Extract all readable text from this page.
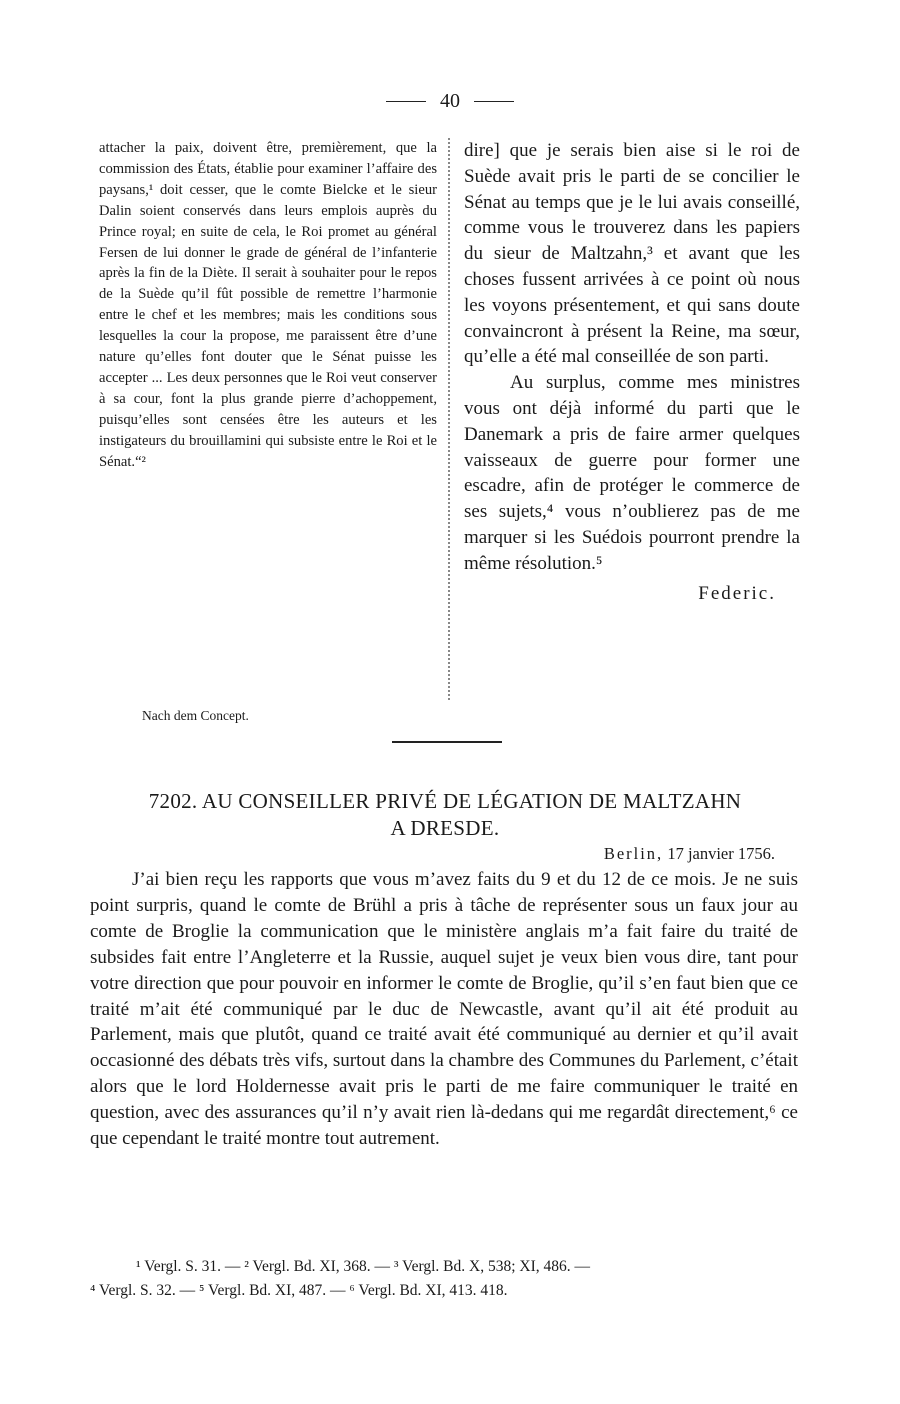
40

attacher la paix, doivent être, premièrement, que la commission des États, établie pour examiner l’affaire des paysans,¹ doit cesser, que le comte Bielcke et le sieur Dalin soient conservés dans leurs emplois auprès du Prince royal; en suite de cela, le Roi promet au général Fersen de lui donner le grade de général de l’infanterie après la fin de la Diète. Il serait à souhaiter pour le repos de la Suède qu’il fût possible de remettre l’harmonie entre le chef et les membres; mais les conditions sous lesquelles la cour la propose, me paraissent être d’une nature qu’elles font douter que le Sénat puisse les accepter ... Les deux personnes que le Roi veut conserver à sa cour, font la plus grande pierre d’achoppement, puisqu’elles sont censées être les auteurs et les instigateurs du brouillamini qui subsiste entre le Roi et le Sénat.“²

dire] que je serais bien aise si le roi de Suède avait pris le parti de se concilier le Sénat au temps que je le lui avais conseillé, comme vous le trouverez dans les papiers du sieur de Maltzahn,³ et avant que les choses fussent arrivées à ce point où nous les voyons présentement, et qui sans doute convaincront à présent la Reine, ma sœur, qu’elle a été mal conseillée de son parti.

Au surplus, comme mes ministres vous ont déjà informé du parti que le Danemark a pris de faire armer quelques vaisseaux de guerre pour former une escadre, afin de protéger le commerce de ses sujets,⁴ vous n’oublierez pas de me marquer si les Suédois pourront prendre la même résolution.⁵

Federic.
Nach dem Concept.
7202. AU CONSEILLER PRIVÉ DE LÉGATION DE MALTZAHN
A DRESDE.
Berlin, 17 janvier 1756.

J’ai bien reçu les rapports que vous m’avez faits du 9 et du 12 de ce mois. Je ne suis point surpris, quand le comte de Brühl a pris à tâche de représenter sous un faux jour au comte de Broglie la communication que le ministère anglais m’a fait faire du traité de subsides fait entre l’Angleterre et la Russie, auquel sujet je veux bien vous dire, tant pour votre direction que pour pouvoir en informer le comte de Broglie, qu’il s’en faut bien que ce traité m’ait été communiqué par le duc de Newcastle, avant qu’il ait été produit au Parlement, mais que plutôt, quand ce traité avait été communiqué au dernier et qu’il avait occasionné des débats très vifs, surtout dans la chambre des Communes du Parlement, c’était alors que le lord Holdernesse avait pris le parti de me faire communiquer le traité en question, avec des assurances qu’il n’y avait rien là-dedans qui me regardât directement,⁶ ce que cependant le traité montre tout autrement.

¹ Vergl. S. 31. — ² Vergl. Bd. XI, 368. — ³ Vergl. Bd. X, 538; XI, 486. —

⁴ Vergl. S. 32. — ⁵ Vergl. Bd. XI, 487. — ⁶ Vergl. Bd. XI, 413. 418.
